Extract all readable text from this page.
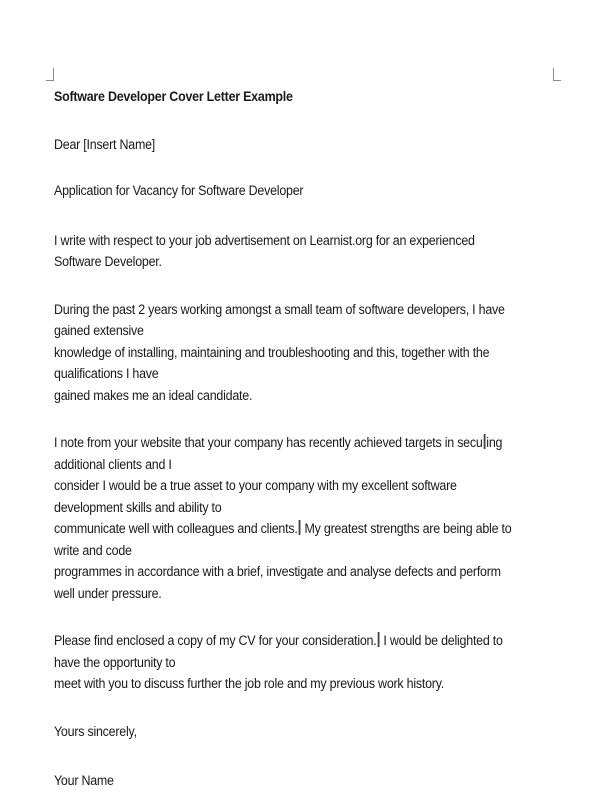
Software Developer Cover Letter Example

Dear [Insert Name]

Application for Vacancy for Software Developer

I write with respect to your job advertisement on Learnist.org for an experienced Software Developer.

During the past 2 years working amongst a small team of software developers, I have gained extensive
knowledge of installing, maintaining and troubleshooting and this, together with the qualifications I have
gained makes me an ideal candidate.

I note from your website that your company has recently achieved targets in secu ing additional clients and I
consider I would be a true asset to your company with my excellent software development skills and ability to
communicate well with colleagues and clients. My greatest strengths are being able to write and code
programmes in accordance with a brief, investigate and analyse defects and perform well under pressure.

Please find enclosed a copy of my CV for your consideration. I would be delighted to have the opportunity to
meet with you to discuss further the job role and my previous work history.

Yours sincerely,

Your Name
